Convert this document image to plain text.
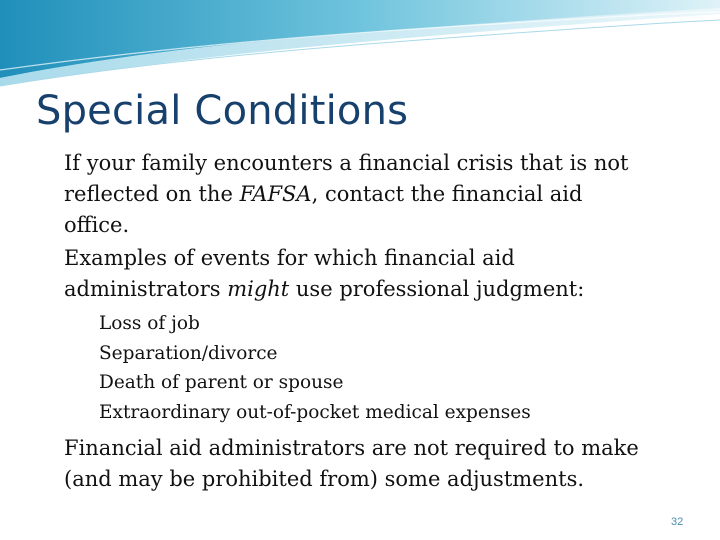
Special Conditions
If your family encounters a financial crisis that is not
reflected on the FAFSA, contact the financial aid
office.
Examples of events for which financial aid
administrators might use professional judgment:
Loss of job
Separation/divorce
Death of parent or spouse
Extraordinary out-of-pocket medical expenses
Financial aid administrators are not required to make
(and may be prohibited from) some adjustments.
32
